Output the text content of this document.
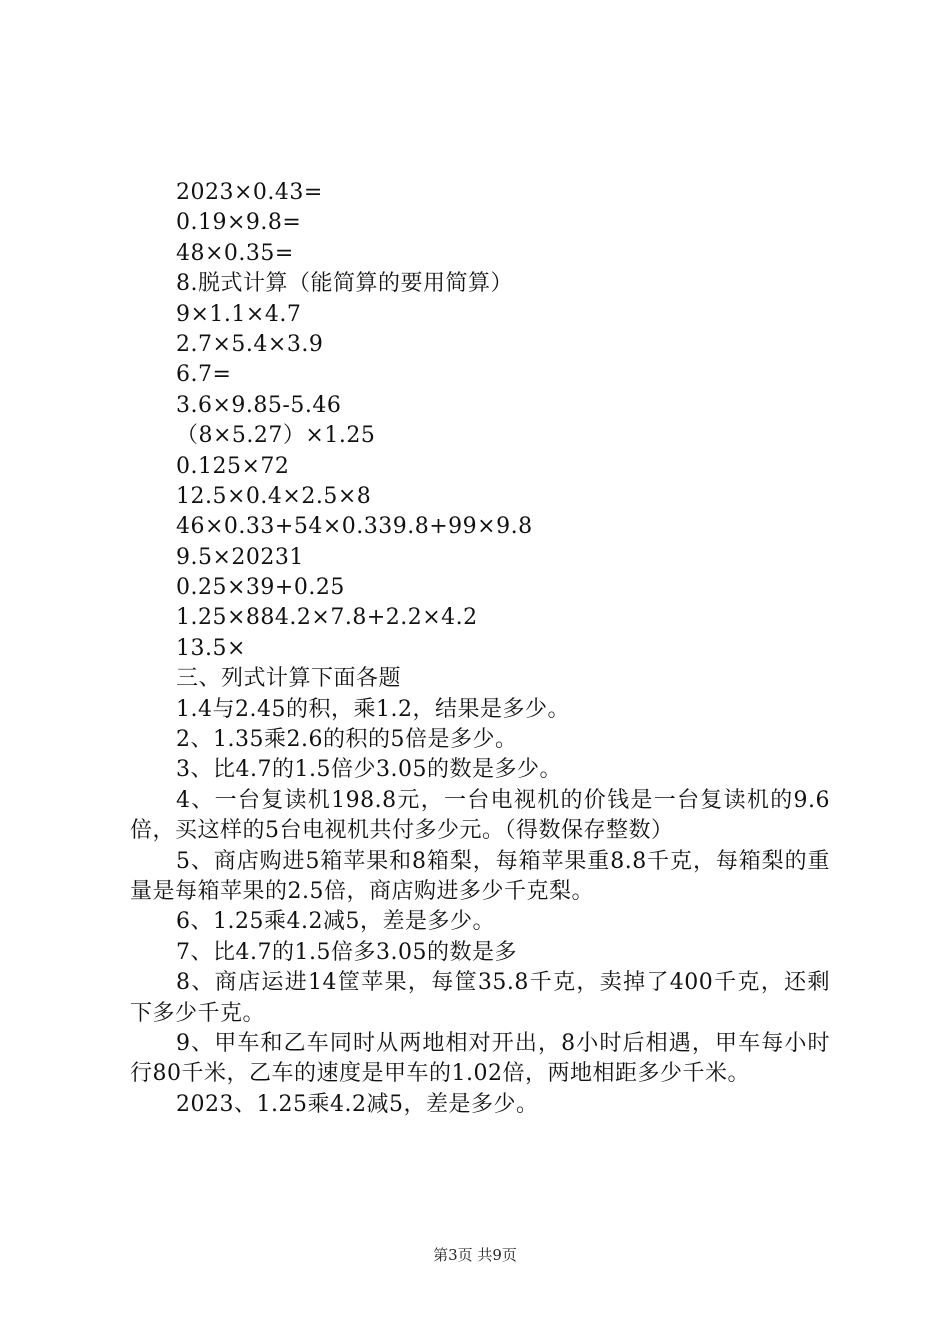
2023×0.43=
0.19×9.8=
48×0.35=
8.脱式计算（能简算的要用简算）
9×1.1×4.7
2.7×5.4×3.9
6.7=
3.6×9.85-5.46
（8×5.27）×1.25
0.125×72
12.5×0.4×2.5×8
46×0.33+54×0.339.8+99×9.8
9.5×20231
0.25×39+0.25
1.25×884.2×7.8+2.2×4.2
13.5×
三、列式计算下面各题
1.4与2.45的积，乘1.2，结果是多少。
2、1.35乘2.6的积的5倍是多少。
3、比4.7的1.5倍少3.05的数是多少。

4、一台复读机198.8元，一台电视机的价钱是一台复读机的9.6倍，买这样的5台电视机共付多少元。（得数保存整数）

5、商店购进5箱苹果和8箱梨，每箱苹果重8.8千克，每箱梨的重量是每箱苹果的2.5倍，商店购进多少千克梨。

6、1.25乘4.2减5，差是多少。

7、比4.7的1.5倍多3.05的数是多

8、商店运进14筐苹果，每筐35.8千克，卖掉了400千克，还剩下多少千克。

9、甲车和乙车同时从两地相对开出，8小时后相遇，甲车每小时行80千米，乙车的速度是甲车的1.02倍，两地相距多少千米。

2023、1.25乘4.2减5，差是多少。

第3页 共9页
